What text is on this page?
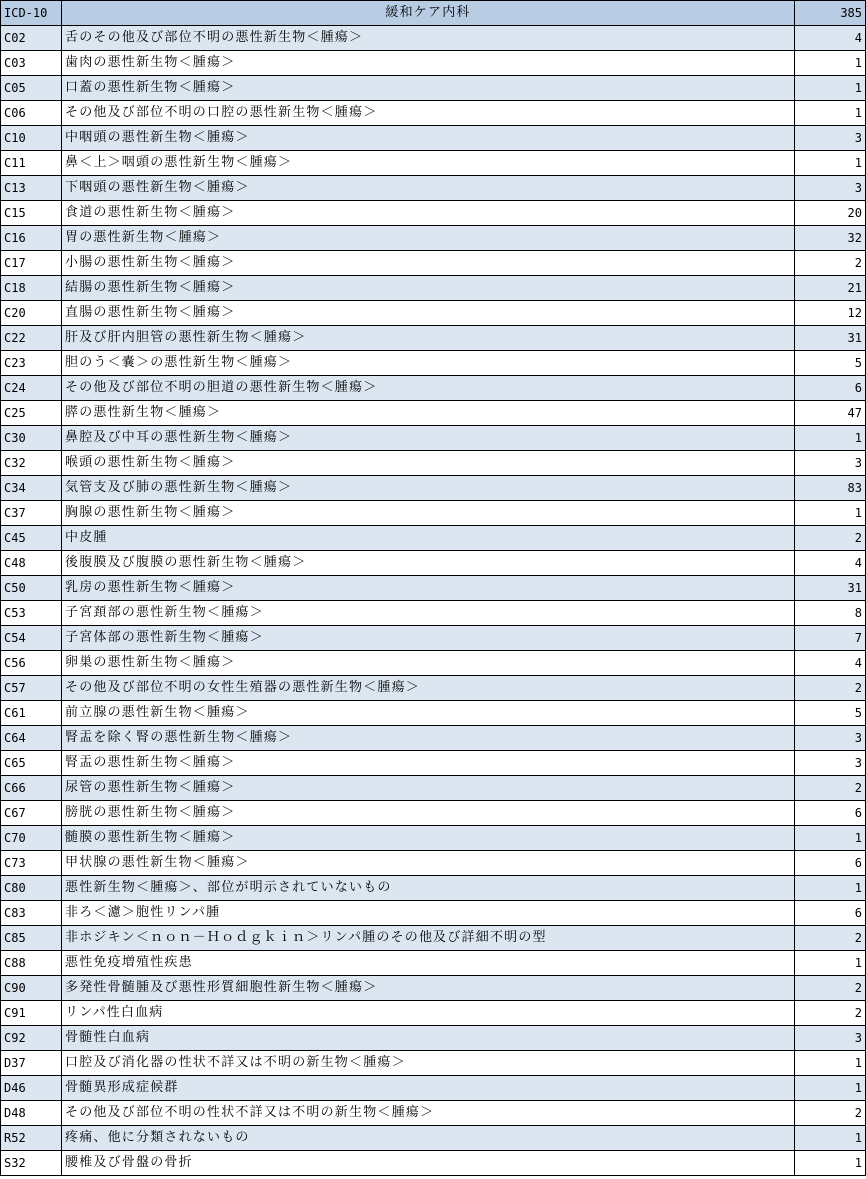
ICD-10	緩和ケア内科	385
C02	舌のその他及び部位不明の悪性新生物＜腫瘍＞	4
C03	歯肉の悪性新生物＜腫瘍＞	1
C05	口蓋の悪性新生物＜腫瘍＞	1
C06	その他及び部位不明の口腔の悪性新生物＜腫瘍＞	1
C10	中咽頭の悪性新生物＜腫瘍＞	3
C11	鼻＜上＞咽頭の悪性新生物＜腫瘍＞	1
C13	下咽頭の悪性新生物＜腫瘍＞	3
C15	食道の悪性新生物＜腫瘍＞	20
C16	胃の悪性新生物＜腫瘍＞	32
C17	小腸の悪性新生物＜腫瘍＞	2
C18	結腸の悪性新生物＜腫瘍＞	21
C20	直腸の悪性新生物＜腫瘍＞	12
C22	肝及び肝内胆管の悪性新生物＜腫瘍＞	31
C23	胆のう＜嚢＞の悪性新生物＜腫瘍＞	5
C24	その他及び部位不明の胆道の悪性新生物＜腫瘍＞	6
C25	膵の悪性新生物＜腫瘍＞	47
C30	鼻腔及び中耳の悪性新生物＜腫瘍＞	1
C32	喉頭の悪性新生物＜腫瘍＞	3
C34	気管支及び肺の悪性新生物＜腫瘍＞	83
C37	胸腺の悪性新生物＜腫瘍＞	1
C45	中皮腫	2
C48	後腹膜及び腹膜の悪性新生物＜腫瘍＞	4
C50	乳房の悪性新生物＜腫瘍＞	31
C53	子宮頚部の悪性新生物＜腫瘍＞	8
C54	子宮体部の悪性新生物＜腫瘍＞	7
C56	卵巣の悪性新生物＜腫瘍＞	4
C57	その他及び部位不明の女性生殖器の悪性新生物＜腫瘍＞	2
C61	前立腺の悪性新生物＜腫瘍＞	5
C64	腎盂を除く腎の悪性新生物＜腫瘍＞	3
C65	腎盂の悪性新生物＜腫瘍＞	3
C66	尿管の悪性新生物＜腫瘍＞	2
C67	膀胱の悪性新生物＜腫瘍＞	6
C70	髄膜の悪性新生物＜腫瘍＞	1
C73	甲状腺の悪性新生物＜腫瘍＞	6
C80	悪性新生物＜腫瘍＞、部位が明示されていないもの	1
C83	非ろ＜濾＞胞性リンパ腫	6
C85	非ホジキン＜ｎｏｎ－Ｈｏｄｇｋｉｎ＞リンパ腫のその他及び詳細不明の型	2
C88	悪性免疫増殖性疾患	1
C90	多発性骨髄腫及び悪性形質細胞性新生物＜腫瘍＞	2
C91	リンパ性白血病	2
C92	骨髄性白血病	3
D37	口腔及び消化器の性状不詳又は不明の新生物＜腫瘍＞	1
D46	骨髄異形成症候群	1
D48	その他及び部位不明の性状不詳又は不明の新生物＜腫瘍＞	2
R52	疼痛、他に分類されないもの	1
S32	腰椎及び骨盤の骨折	1
